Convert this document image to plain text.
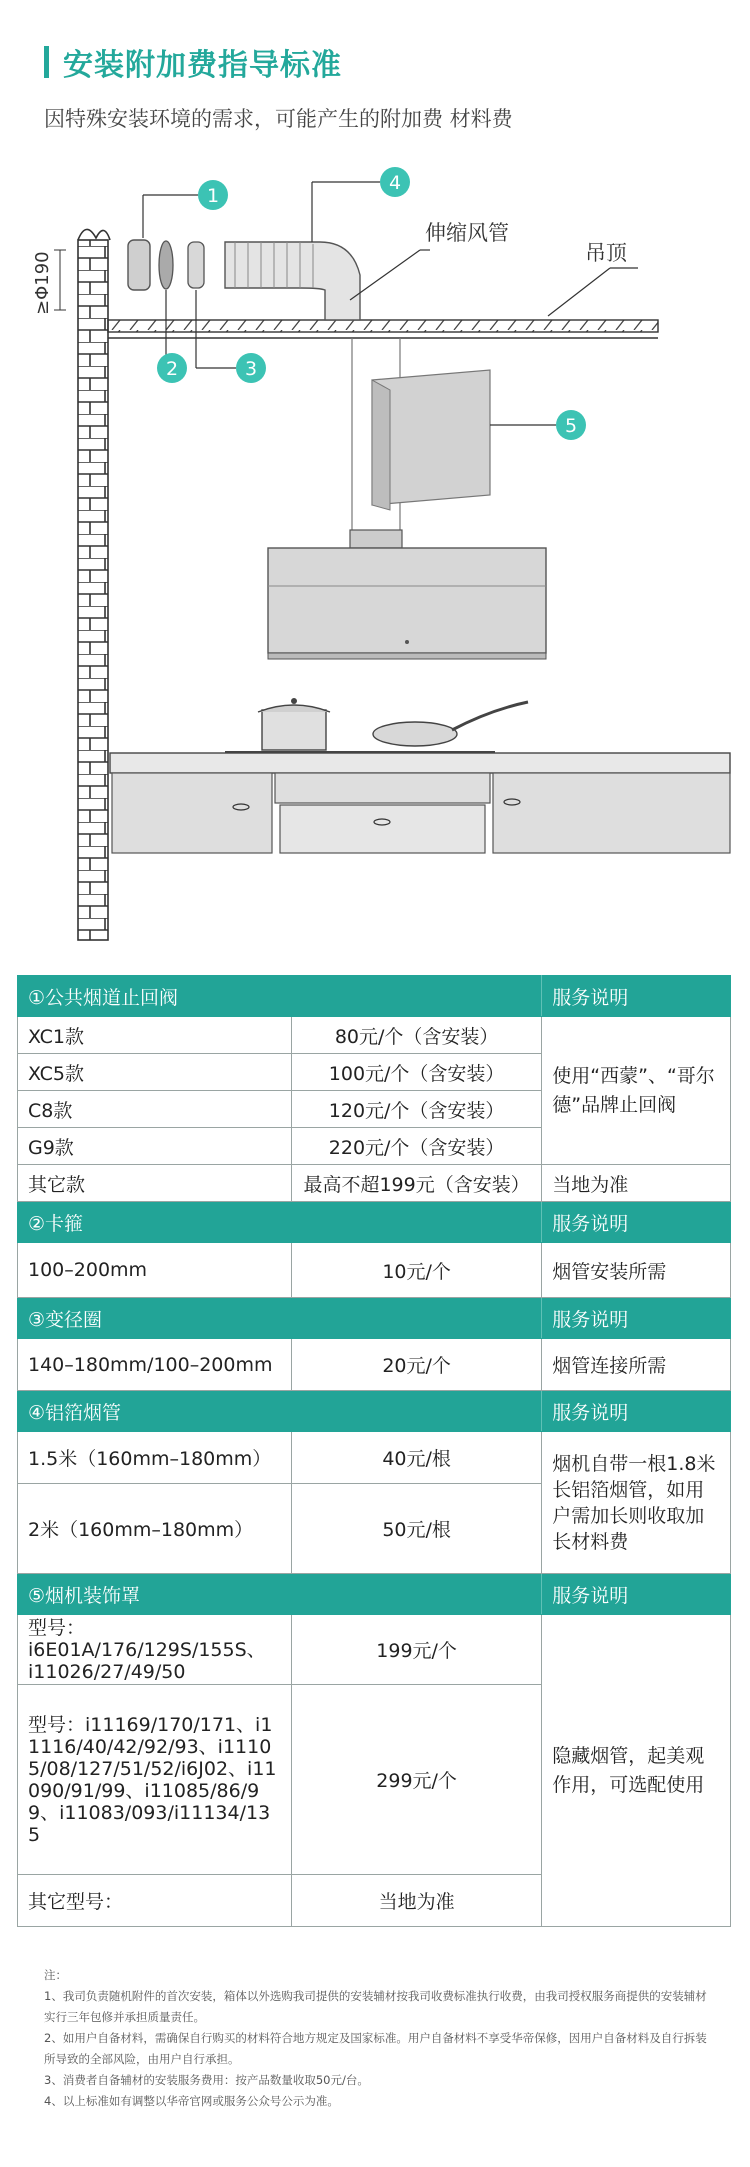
安装附加费指导标准
因特殊安装环境的需求，可能产生的附加费 材料费
≥Φ190	吊顶
伸缩风管
1
2	3
4
5
①公共烟道止回阀		服务说明
XC1款	80元/个（含安装）	使用“西蒙”、“哥尔德”品牌止回阀
XC5款	100元/个（含安装）	
C8款	120元/个（含安装）	
G9款	220元/个（含安装）	
其它款	最高不超199元（含安装）	当地为准
②卡箍		服务说明
100–200mm	10元/个	烟管安装所需
③变径圈		服务说明
140–180mm/100–200mm	20元/个	烟管连接所需
④铝箔烟管		服务说明
1.5米（160mm–180mm）	40元/根	烟机自带一根1.8米长铝箔烟管，如用户需加长则收取加长材料费
2米（160mm–180mm）	50元/根	
⑤烟机装饰罩		服务说明
型号：i6E01A/176/129S/155S、i11026/27/49/50	199元/个	隐藏烟管，起美观作用，可选配使用
型号：i11169/170/171、i11116/40/42/92/93、i11105/08/127/51/52/i6J02、i11090/91/99、i11085/86/99、i11083/093/i11134/135	299元/个	
其它型号：	当地为准	
注：
1、我司负责随机附件的首次安装，箱体以外选购我司提供的安装辅材按我司收费标准执行收费，由我司授权服务商提供的安装辅材实行三年包修并承担质量责任。
2、如用户自备材料，需确保自行购买的材料符合地方规定及国家标准。用户自备材料不享受华帝保修，因用户自备材料及自行拆装所导致的全部风险，由用户自行承担。
3、消费者自备辅材的安装服务费用：按产品数量收取50元/台。
4、以上标准如有调整以华帝官网或服务公众号公示为准。
